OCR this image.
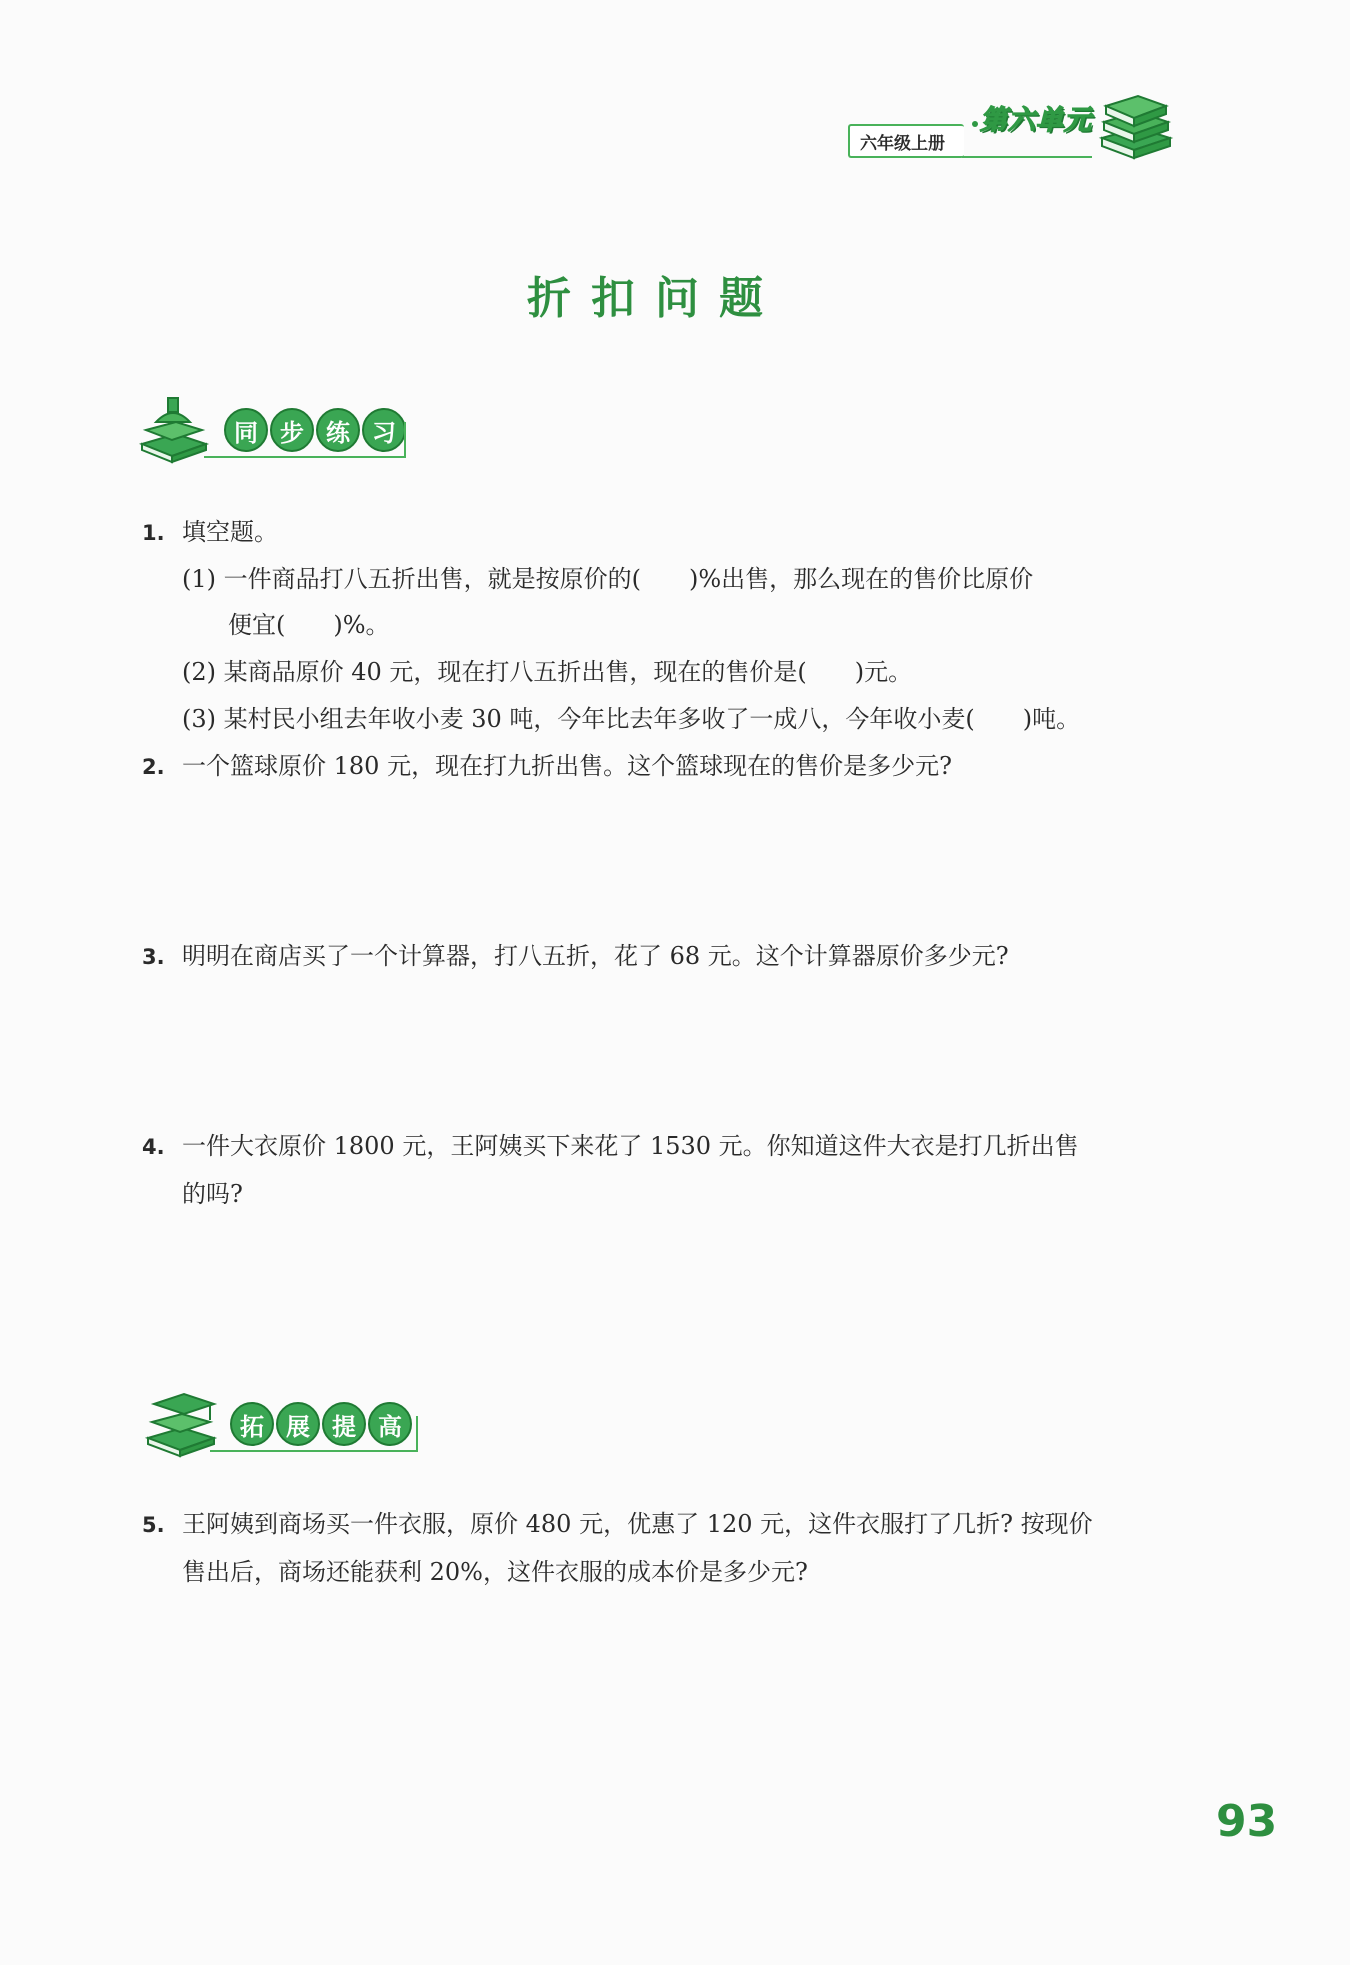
六年级上册
第六单元
折扣问题
同 步 练 习
1. 填空题。
(1) 一件商品打八五折出售，就是按原价的(　　)%出售，那么现在的售价比原价
便宜(　　)%。
(2) 某商品原价 40 元，现在打八五折出售，现在的售价是(　　)元。
(3) 某村民小组去年收小麦 30 吨，今年比去年多收了一成八，今年收小麦(　　)吨。
2. 一个篮球原价 180 元，现在打九折出售。这个篮球现在的售价是多少元?
3. 明明在商店买了一个计算器，打八五折，花了 68 元。这个计算器原价多少元?
4. 一件大衣原价 1800 元，王阿姨买下来花了 1530 元。你知道这件大衣是打几折出售
的吗?
拓 展 提 高
5. 王阿姨到商场买一件衣服，原价 480 元，优惠了 120 元，这件衣服打了几折? 按现价
售出后，商场还能获利 20%，这件衣服的成本价是多少元?
93
